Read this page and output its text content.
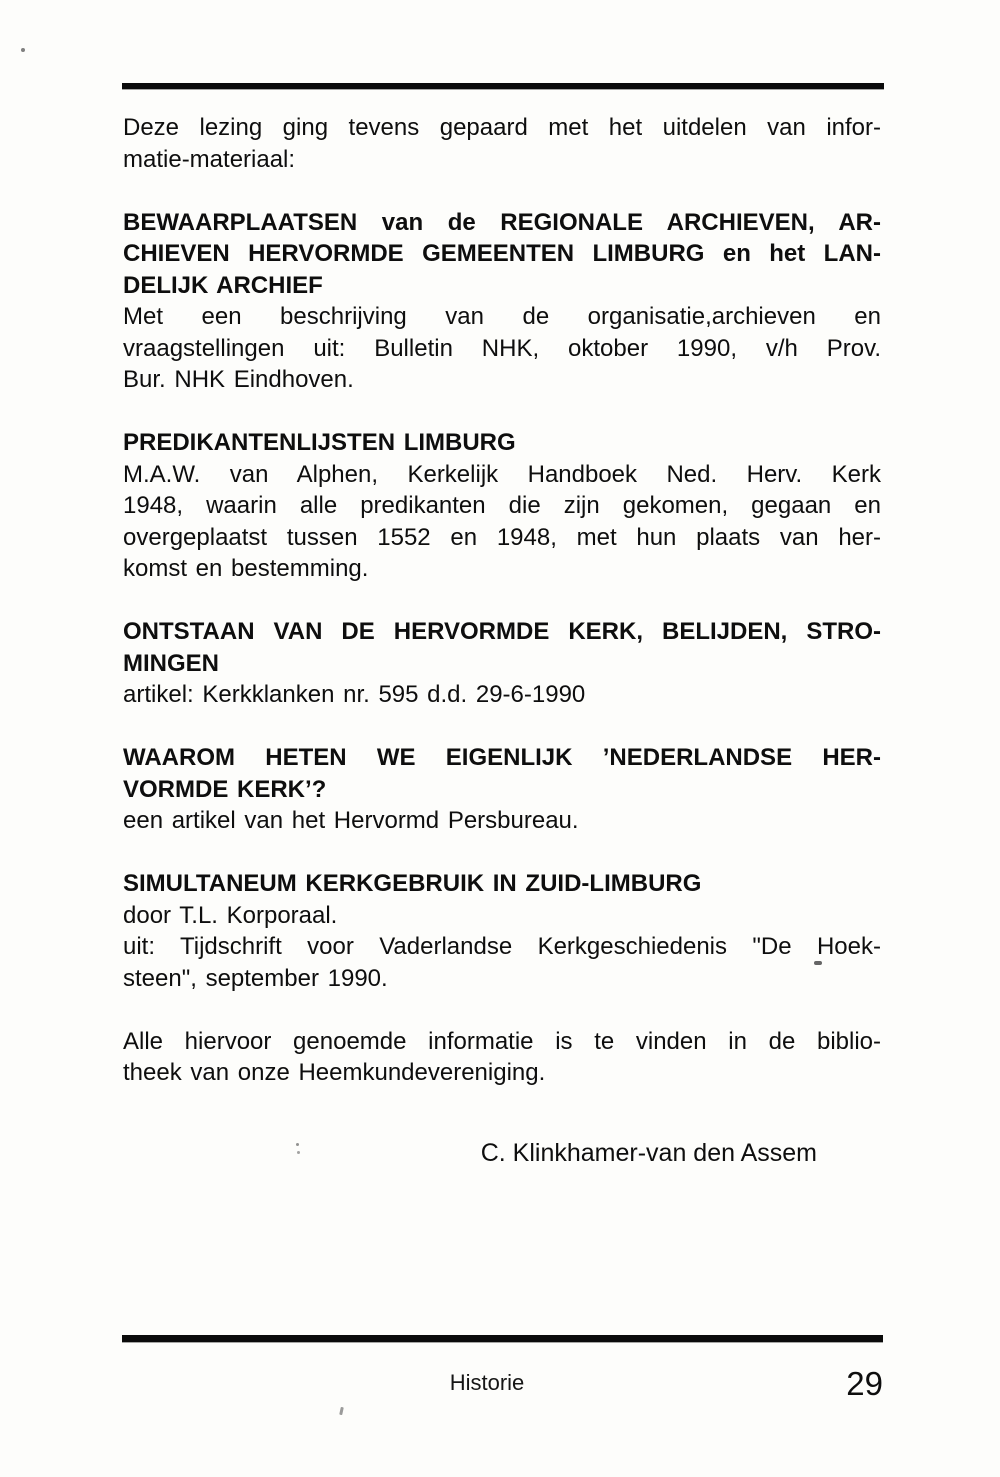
Deze lezing ging tevens gepaard met het uitdelen van infor-
matie-materiaal:
BEWAARPLAATSEN van de REGIONALE ARCHIEVEN, AR-
CHIEVEN HERVORMDE GEMEENTEN LIMBURG en het LAN-
DELIJK ARCHIEF
Met een beschrijving van de organisatie,archieven en
vraagstellingen uit: Bulletin NHK, oktober 1990, v/h Prov.
Bur. NHK Eindhoven.
PREDIKANTENLIJSTEN LIMBURG
M.A.W. van Alphen, Kerkelijk Handboek Ned. Herv. Kerk
1948, waarin alle predikanten die zijn gekomen, gegaan en
overgeplaatst tussen 1552 en 1948, met hun plaats van her-
komst en bestemming.
ONTSTAAN VAN DE HERVORMDE KERK, BELIJDEN, STRO-
MINGEN
artikel: Kerkklanken nr. 595 d.d. 29-6-1990
WAAROM HETEN WE EIGENLIJK ’NEDERLANDSE HER-
VORMDE KERK’?
een artikel van het Hervormd Persbureau.
SIMULTANEUM KERKGEBRUIK IN ZUID-LIMBURG
door T.L. Korporaal.
uit: Tijdschrift voor Vaderlandse Kerkgeschiedenis "De Hoek-
steen", september 1990.
Alle hiervoor genoemde informatie is te vinden in de biblio-
theek van onze Heemkundevereniging.
C. Klinkhamer-van den Assem
Historie	29
